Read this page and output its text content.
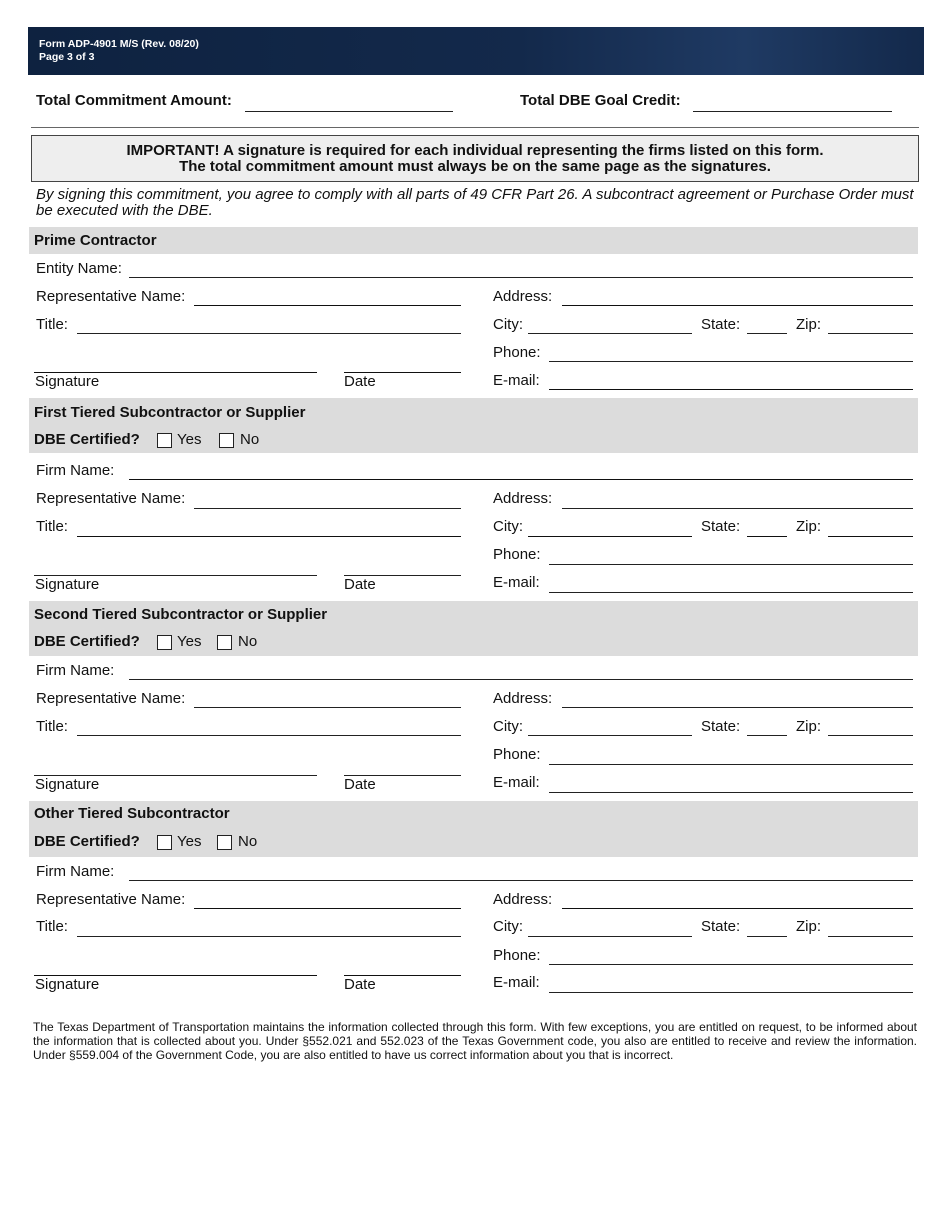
Form ADP-4901 M/S (Rev. 08/20)
Page 3 of 3
Total Commitment Amount:	Total DBE Goal Credit:
IMPORTANT! A signature is required for each individual representing the firms listed on this form.
The total commitment amount must always be on the same page as the signatures.
By signing this commitment, you agree to comply with all parts of 49 CFR Part 26. A subcontract agreement or Purchase Order must be executed with the DBE.
Prime Contractor
Entity Name:
Representative Name:	Address:
Title:	City:	State:	Zip:
Phone:
Signature	Date	E-mail:
First Tiered Subcontractor or Supplier
DBE Certified? Yes	No
Firm Name:
Representative Name:	Address:
Title:	City:	State:	Zip:
Phone:
Signature	Date	E-mail:
Second Tiered Subcontractor or Supplier
DBE Certified? Yes No
Firm Name:
Representative Name:	Address:
Title:	City:	State:	Zip:
Phone:
Signature	Date	E-mail:
Other Tiered Subcontractor
DBE Certified? Yes No
Firm Name:
Representative Name:	Address:
Title:	City:	State:	Zip:
Phone:
Signature	Date	E-mail:
The Texas Department of Transportation maintains the information collected through this form. With few exceptions, you are entitled on request, to be informed about the information that is collected about you. Under §552.021 and 552.023 of the Texas Government code, you also are entitled to receive and review the information. Under §559.004 of the Government Code, you are also entitled to have us correct information about you that is incorrect.
